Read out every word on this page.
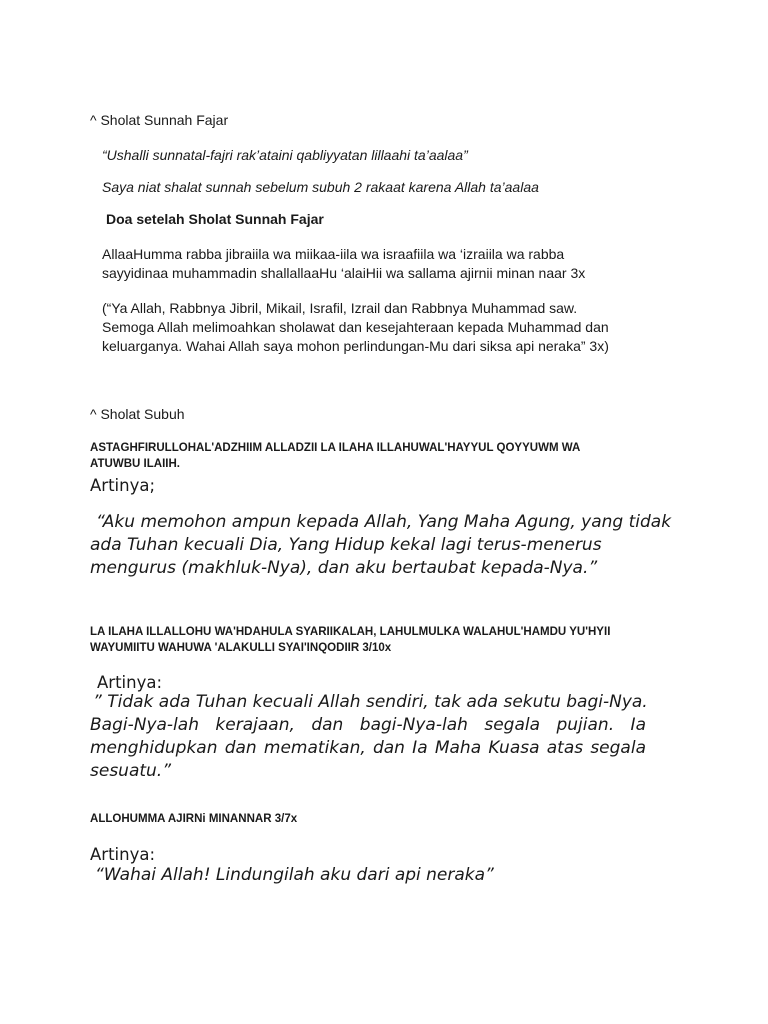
^ Sholat Sunnah Fajar
“Ushalli sunnatal-fajri rak’ataini qabliyyatan lillaahi ta’aalaa”
Saya niat shalat sunnah sebelum subuh 2 rakaat karena Allah ta’aalaa
Doa setelah Sholat Sunnah Fajar
AllaaHumma rabba jibraiila wa miikaa-iila wa israafiila wa ‘izraiila wa rabba
sayyidinaa muhammadin shallallaaHu ‘alaiHii wa sallama ajirnii minan naar 3x
(“Ya Allah, Rabbnya Jibril, Mikail, Israfil, Izrail dan Rabbnya Muhammad saw.
Semoga Allah melimoahkan sholawat dan kesejahteraan kepada Muhammad dan
keluarganya. Wahai Allah saya mohon perlindungan-Mu dari siksa api neraka” 3x)
^ Sholat Subuh
ASTAGHFIRULLOHAL'ADZHIIM ALLADZII LA ILAHA ILLAHUWAL'HAYYUL QOYYUWM WA
ATUWBU ILAIIH.
Artinya;
“Aku memohon ampun kepada Allah, Yang Maha Agung, yang tidak
ada Tuhan kecuali Dia, Yang Hidup kekal lagi terus-menerus
mengurus (makhluk-Nya), dan aku bertaubat kepada-Nya.”
LA ILAHA ILLALLOHU WA'HDAHULA SYARIIKALAH, LAHULMULKA WALAHUL'HAMDU YU'HYII
WAYUMIITU WAHUWA 'ALAKULLI SYAI'INQODIIR 3/10x
Artinya:
” Tidak ada Tuhan kecuali Allah sendiri, tak ada sekutu bagi-Nya.
Bagi-Nya-lah kerajaan, dan bagi-Nya-lah segala pujian. Ia
menghidupkan dan mematikan, dan Ia Maha Kuasa atas segala
sesuatu.”
ALLOHUMMA AJIRNi MINANNAR 3/7x
Artinya:
“Wahai Allah! Lindungilah aku dari api neraka”
